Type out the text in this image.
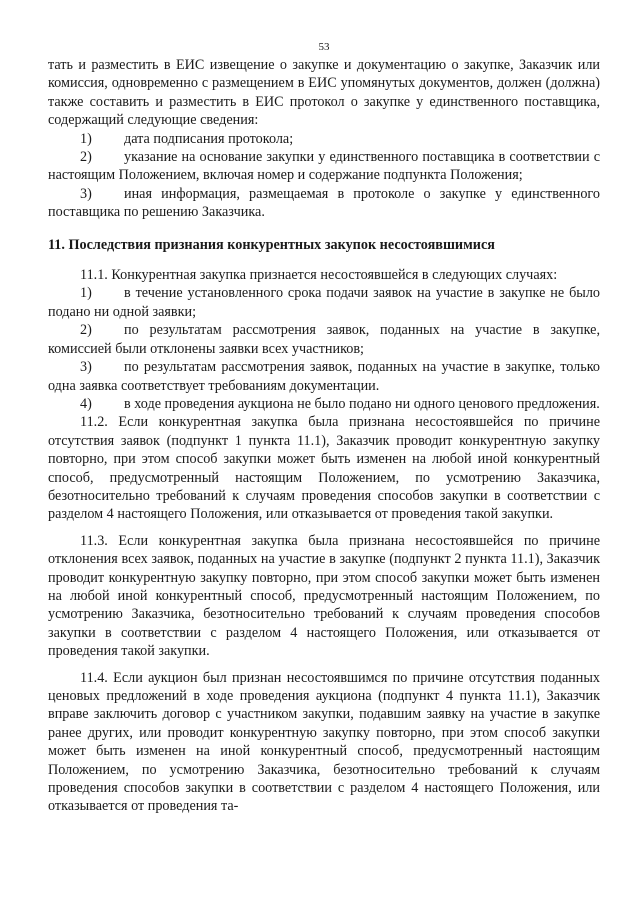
53

тать и разместить в ЕИС извещение о закупке и документацию о закупке, Заказчик или комиссия, одновременно с размещением в ЕИС упомянутых документов, должен (должна) также составить и разместить в ЕИС протокол о закупке у единственного поставщика, содержащий следующие сведения:

1) дата подписания протокола;

2) указание на основание закупки у единственного поставщика в соответствии с настоящим Положением, включая номер и содержание подпункта Положения;

3) иная информация, размещаемая в протоколе о закупке у единственного поставщика по решению Заказчика.

11. Последствия признания конкурентных закупок несостоявшимися

11.1. Конкурентная закупка признается несостоявшейся в следующих случаях:

1) в течение установленного срока подачи заявок на участие в закупке не было подано ни одной заявки;

2) по результатам рассмотрения заявок, поданных на участие в закупке, комиссией были отклонены заявки всех участников;

3) по результатам рассмотрения заявок, поданных на участие в закупке, только одна заявка соответствует требованиям документации.

4) в ходе проведения аукциона не было подано ни одного ценового предложения.

11.2. Если конкурентная закупка была признана несостоявшейся по причине отсутствия заявок (подпункт 1 пункта 11.1), Заказчик проводит конкурентную закупку повторно, при этом способ закупки может быть изменен на любой иной конкурентный способ, предусмотренный настоящим Положением, по усмотрению Заказчика, безотносительно требований к случаям проведения способов закупки в соответствии с разделом 4 настоящего Положения, или отказывается от проведения такой закупки.

11.3. Если конкурентная закупка была признана несостоявшейся по причине отклонения всех заявок, поданных на участие в закупке (подпункт 2 пункта 11.1), Заказчик проводит конкурентную закупку повторно, при этом способ закупки может быть изменен на любой иной конкурентный способ, предусмотренный настоящим Положением, по усмотрению Заказчика, безотносительно требований к случаям проведения способов закупки в соответствии с разделом 4 настоящего Положения, или отказывается от проведения такой закупки.

11.4. Если аукцион был признан несостоявшимся по причине отсутствия поданных ценовых предложений в ходе проведения аукциона (подпункт 4 пункта 11.1), Заказчик вправе заключить договор с участником закупки, подавшим заявку на участие в закупке ранее других, или проводит конкурентную закупку повторно, при этом способ закупки может быть изменен на иной конкурентный способ, предусмотренный настоящим Положением, по усмотрению Заказчика, безотносительно требований к случаям проведения способов закупки в соответствии с разделом 4 настоящего Положения, или отказывается от проведения та-
